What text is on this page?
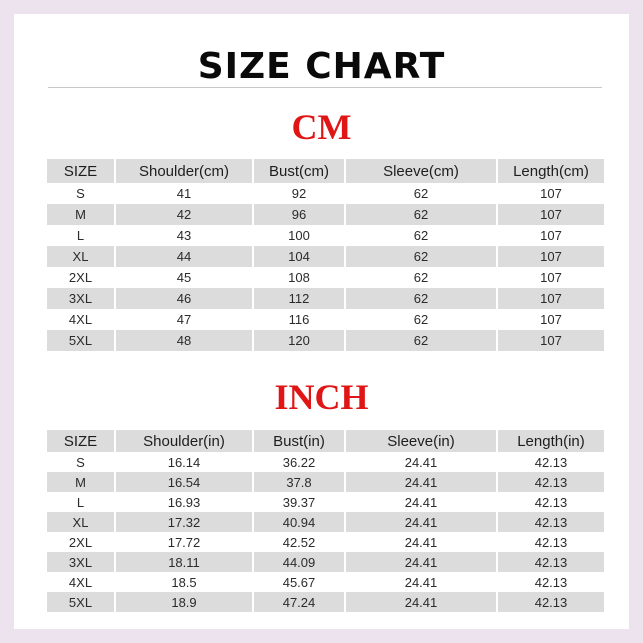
SIZE CHART
CM
SIZE	Shoulder(cm)	Bust(cm)	Sleeve(cm)	Length(cm)
S	41	92	62	107
M	42	96	62	107
L	43	100	62	107
XL	44	104	62	107
2XL	45	108	62	107
3XL	46	112	62	107
4XL	47	116	62	107
5XL	48	120	62	107
INCH
SIZE	Shoulder(in)	Bust(in)	Sleeve(in)	Length(in)
S	16.14	36.22	24.41	42.13
M	16.54	37.8	24.41	42.13
L	16.93	39.37	24.41	42.13
XL	17.32	40.94	24.41	42.13
2XL	17.72	42.52	24.41	42.13
3XL	18.11	44.09	24.41	42.13
4XL	18.5	45.67	24.41	42.13
5XL	18.9	47.24	24.41	42.13
